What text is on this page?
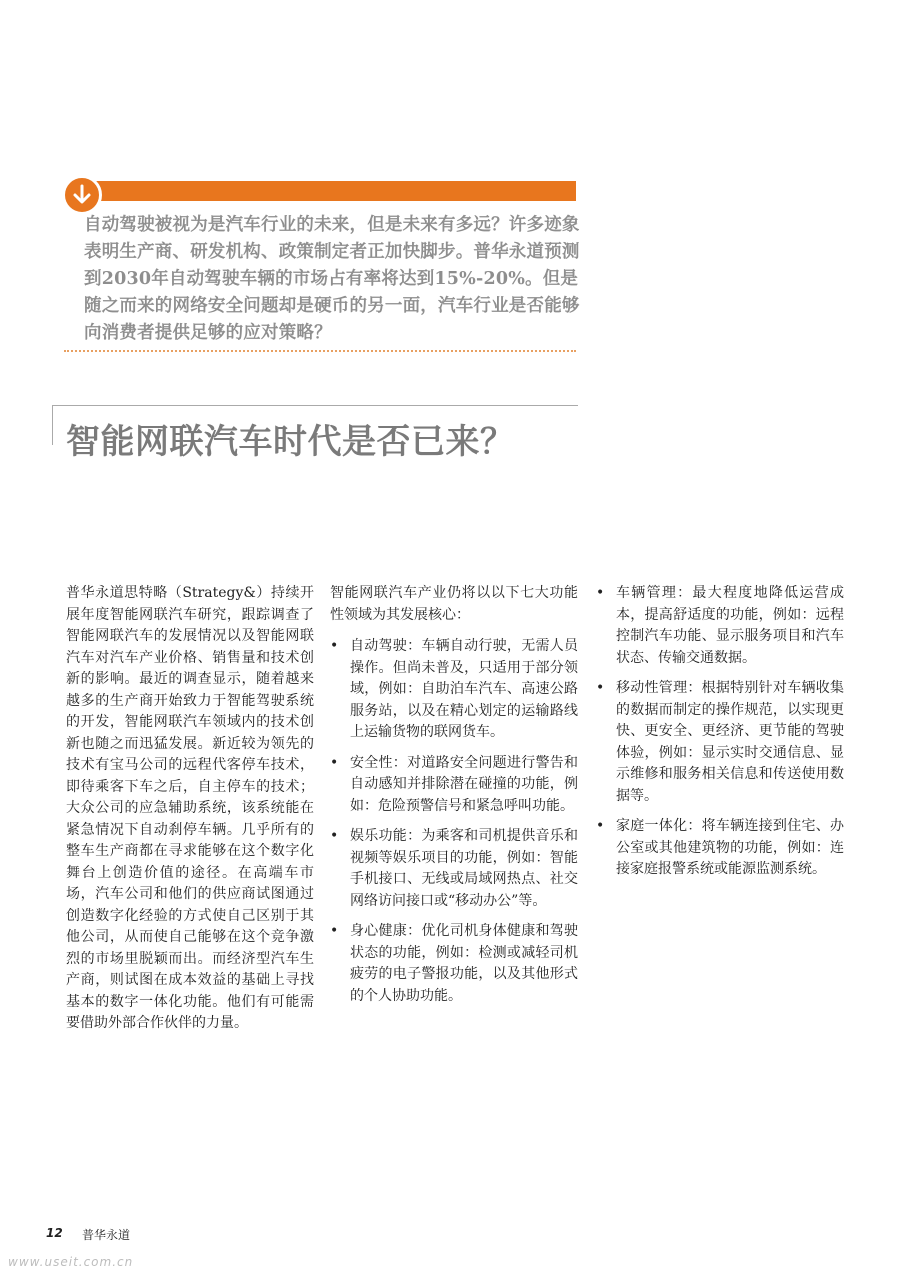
自动驾驶被视为是汽车行业的未来，但是未来有多远？许多迹象表明生产商、研发机构、政策制定者正加快脚步。普华永道预测到2030年自动驾驶车辆的市场占有率将达到15%-20%。但是随之而来的网络安全问题却是硬币的另一面，汽车行业是否能够向消费者提供足够的应对策略？
智能网联汽车时代是否已来？

普华永道思特略（Strategy&）持续开展年度智能网联汽车研究，跟踪调查了智能网联汽车的发展情况以及智能网联汽车对汽车产业价格、销售量和技术创新的影响。最近的调查显示，随着越来越多的生产商开始致力于智能驾驶系统的开发，智能网联汽车领域内的技术创新也随之而迅猛发展。新近较为领先的技术有宝马公司的远程代客停车技术，即待乘客下车之后，自主停车的技术；大众公司的应急辅助系统，该系统能在紧急情况下自动刹停车辆。几乎所有的整车生产商都在寻求能够在这个数字化舞台上创造价值的途径。在高端车市场，汽车公司和他们的供应商试图通过创造数字化经验的方式使自己区别于其他公司，从而使自己能够在这个竞争激烈的市场里脱颖而出。而经济型汽车生产商，则试图在成本效益的基础上寻找基本的数字一体化功能。他们有可能需要借助外部合作伙伴的力量。

智能网联汽车产业仍将以以下七大功能性领域为其发展核心：

• 自动驾驶：车辆自动行驶，无需人员操作。但尚未普及，只适用于部分领域，例如：自助泊车汽车、高速公路服务站，以及在精心划定的运输路线上运输货物的联网货车。
• 安全性：对道路安全问题进行警告和自动感知并排除潜在碰撞的功能，例如：危险预警信号和紧急呼叫功能。
• 娱乐功能：为乘客和司机提供音乐和视频等娱乐项目的功能，例如：智能手机接口、无线或局域网热点、社交网络访问接口或“移动办公”等。
• 身心健康：优化司机身体健康和驾驶状态的功能，例如：检测或减轻司机疲劳的电子警报功能，以及其他形式的个人协助功能。
• 车辆管理：最大程度地降低运营成本，提高舒适度的功能，例如：远程控制汽车功能、显示服务项目和汽车状态、传输交通数据。
• 移动性管理：根据特别针对车辆收集的数据而制定的操作规范，以实现更快、更安全、更经济、更节能的驾驶体验，例如：显示实时交通信息、显示维修和服务相关信息和传送使用数据等。
• 家庭一体化：将车辆连接到住宅、办公室或其他建筑物的功能，例如：连接家庭报警系统或能源监测系统。
12 普华永道
www.useit.com.cn
